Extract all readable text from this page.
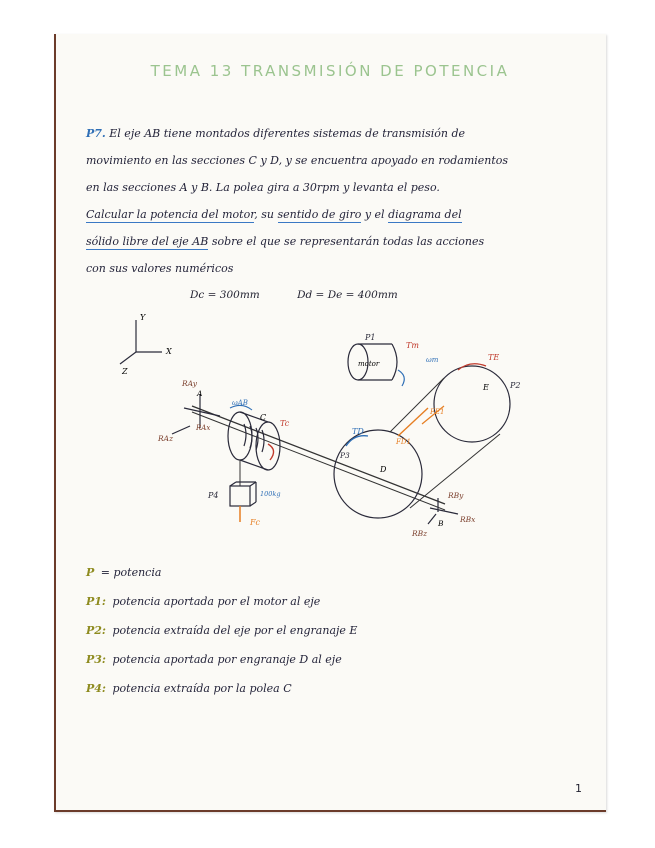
TEMA 13 TRANSMISIÓN DE POTENCIA
P7. El eje AB tiene montados diferentes sistemas de transmisión de
movimiento en las secciones C y D, y se encuentra apoyado en rodamientos
en las secciones A y B. La polea gira a 30rpm y levanta el peso.
Calcular la potencia del motor, su sentido de giro y el diagrama del
sólido libre del eje AB sobre el que se representarán todas las acciones
con sus valores numéricos
Dc = 300mm	Dd = De = 400mm
Y
X
Z
A
RAy
RAx
RAz
C
ωAB
Tc
P4	100kg
Fc
D
P3
TD
E	P2
TE
FD1
FE1
motor
P1
Tm
ωm
B
RBy
RBx
RBz
P = potencia
P1: potencia aportada por el motor al eje
P2: potencia extraída del eje por el engranaje E
P3: potencia aportada por engranaje D al eje
P4: potencia extraída por la polea C
1
